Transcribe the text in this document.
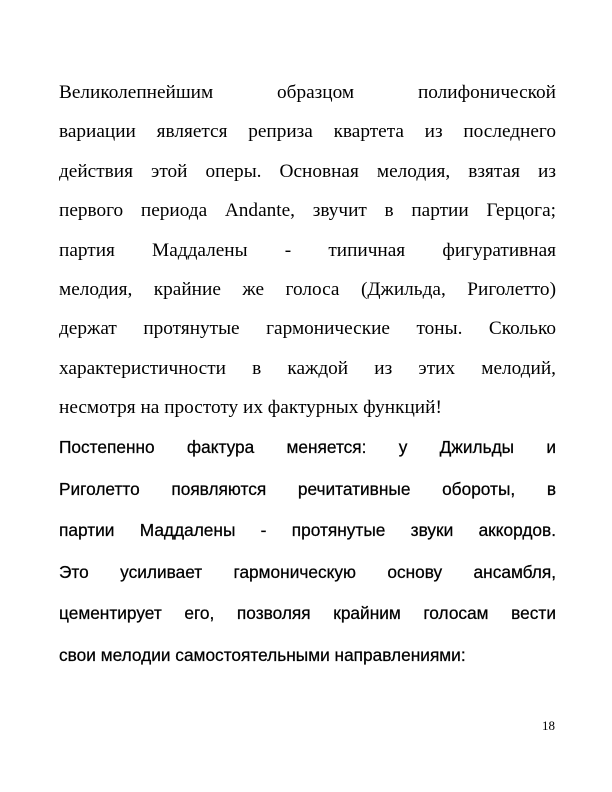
Великолепнейшим образцом полифонической
вариации является реприза квартета из последнего
действия этой оперы. Основная мелодия, взятая из
первого периода Andante, звучит в партии Герцога;
партия Маддалены - типичная фигуративная
мелодия, крайние же голоса (Джильда, Риголетто)
держат протянутые гармонические тоны. Сколько
характеристичности в каждой из этих мелодий,
несмотря на простоту их фактурных функций!
Постепенно фактура меняется: у Джильды и
Риголетто появляются речитативные обороты, в
партии Маддалены - протянутые звуки аккордов.
Это усиливает гармоническую основу ансамбля,
цементирует его, позволяя крайним голосам вести
свои мелодии самостоятельными направлениями:
18
